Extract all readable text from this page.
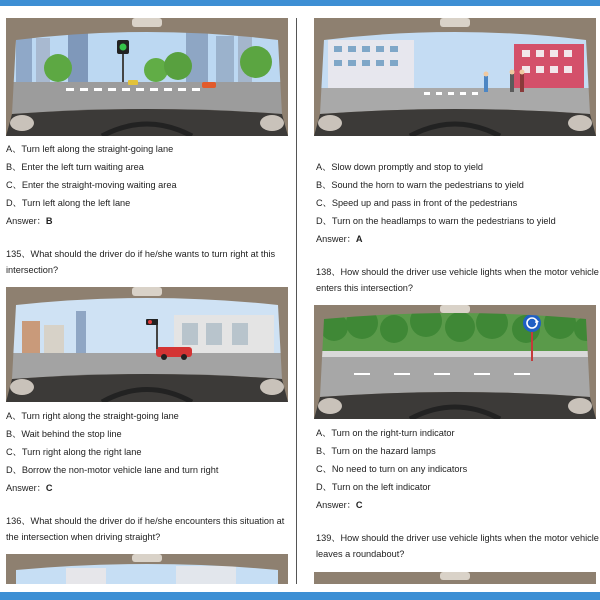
A、Turn left along the straight-going lane
B、Enter the left turn waiting area
C、Enter the straight-moving waiting area
D、Turn left along the left lane
Answer：B
135、What should the driver do if he/she wants to turn right at this intersection?
A、Turn right along the straight-going lane
B、Wait behind the stop line
C、Turn right along the right lane
D、Borrow the non-motor vehicle lane and turn right
Answer：C
136、What should the driver do if he/she encounters this situation at the intersection when driving straight?
A、Slow down promptly and stop to yield
B、Sound the horn to warn the pedestrians to yield
C、Speed up and pass in front of the pedestrians
D、Turn on the headlamps to warn the pedestrians to yield
Answer：A
138、How should the driver use vehicle lights when the motor vehicle enters this intersection?
A、Turn on the right-turn indicator
B、Turn on the hazard lamps
C、No need to turn on any indicators
D、Turn on the left indicator
Answer：C
139、How should the driver use vehicle lights when the motor vehicle leaves a roundabout?
